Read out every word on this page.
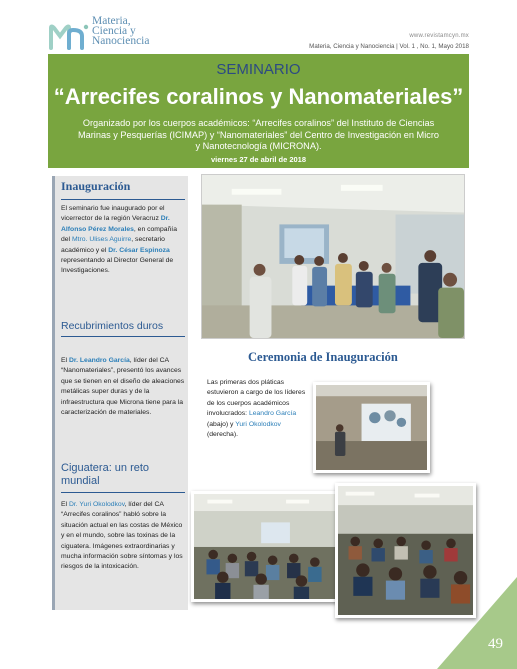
Materia,
Ciencia y
Nanociencia	www.revistamcyn.mx
Materia, Ciencia y Nanociencia | Vol. 1 , No. 1, Mayo 2018
SEMINARIO
“Arrecifes coralinos y Nanomateriales”
Organizado por los cuerpos académicos: “Arrecifes coralinos” del Instituto de Ciencias Marinas y Pesquerías (ICIMAP) y “Nanomateriales” del Centro de Investigación en Micro y Nanotecnología (MICRONA).
viernes 27 de abril de 2018
Inauguración
El seminario fue inaugurado por el vicerrector de la región Veracruz Dr. Alfonso Pérez Morales, en compañía del Mtro. Ulises Aguirre, secretario académico y el Dr. César Espinoza representando al Director General de Investigaciones.
Recubrimientos duros
El Dr. Leandro García, líder del CA “Nanomateriales”, presentó los avances que se tienen en el diseño de aleaciones metálicas super duras y de la infraestructura que Microna tiene para la caracterización de materiales.
Ciguatera: un reto mundial
El Dr. Yuri Okolodkov, líder del CA “Arrecifes coralinos” habló sobre la situación actual en las costas de México y en el mundo, sobre las toxinas de la ciguatera. Imágenes extraordinarias y mucha información sobre síntomas y los riesgos de la intoxicación.
Ceremonia de Inauguración
Las primeras dos pláticas estuvieron a cargo de los líderes de los cuerpos académicos involucrados: Leandro García (abajo) y Yuri Okolodkov (derecha).
49
